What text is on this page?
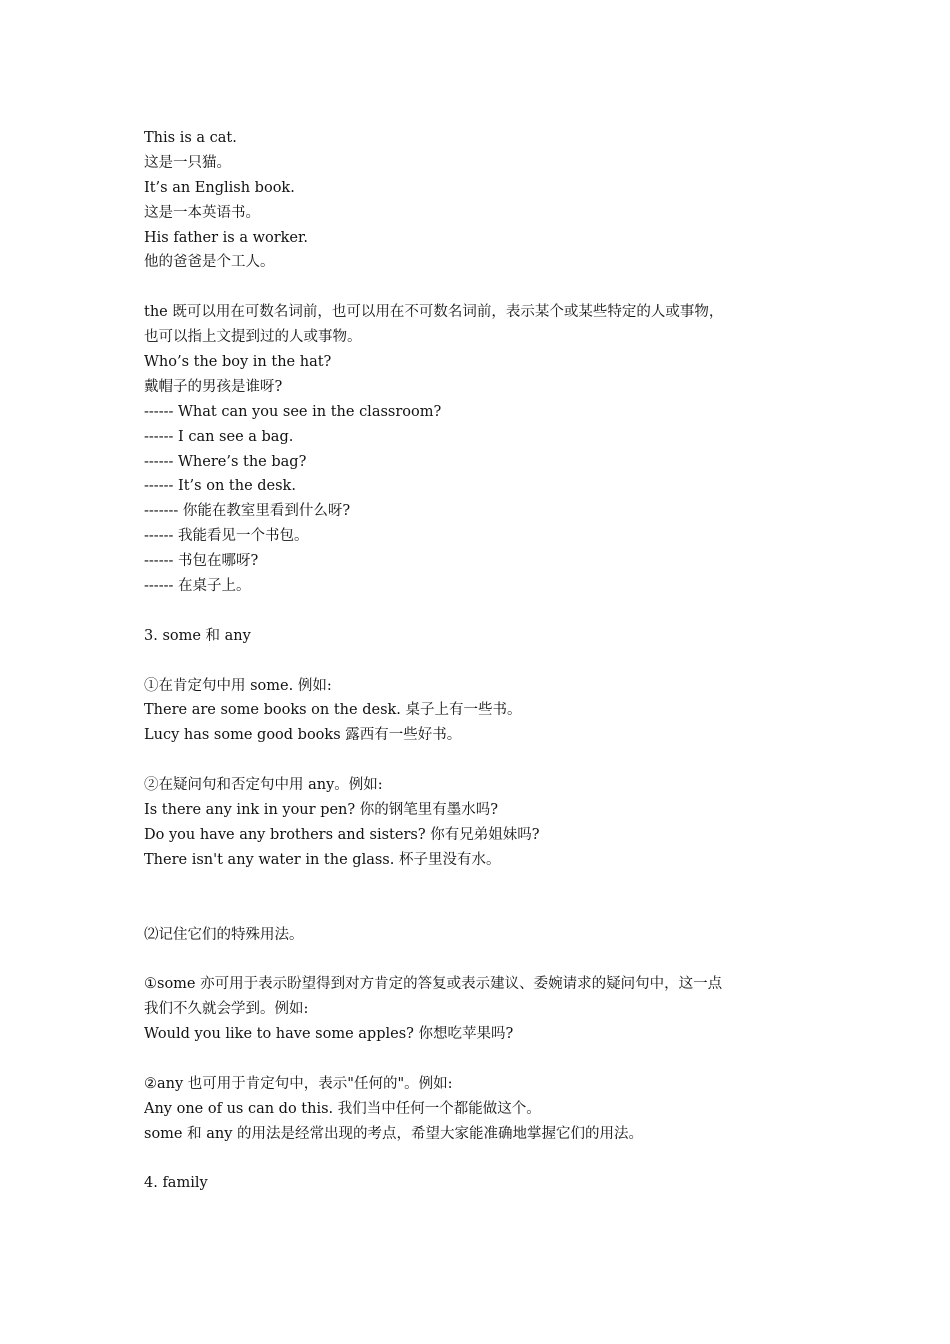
This is a cat.

这是一只猫。

It’s an English book.

这是一本英语书。

His father is a worker.

他的爸爸是个工人。

the 既可以用在可数名词前，也可以用在不可数名词前，表示某个或某些特定的人或事物，

也可以指上文提到过的人或事物。

Who’s the boy in the hat?

戴帽子的男孩是谁呀?

------ What can you see in the classroom?

------ I can see a bag.

------ Where’s the bag?

------ It’s on the desk.

------- 你能在教室里看到什么呀?

------ 我能看见一个书包。

------ 书包在哪呀?

------ 在桌子上。

3. some 和 any

①在肯定句中用 some. 例如:

There are some books on the desk. 桌子上有一些书。

Lucy has some good books 露西有一些好书。

②在疑问句和否定句中用 any。例如:

Is there any ink in your pen? 你的钢笔里有墨水吗?

Do you have any brothers and sisters? 你有兄弟姐妹吗?

There isn't any water in the glass. 杯子里没有水。

⑵记住它们的特殊用法。

①some 亦可用于表示盼望得到对方肯定的答复或表示建议、委婉请求的疑问句中，这一点

我们不久就会学到。例如:

Would you like to have some apples? 你想吃苹果吗?

②any 也可用于肯定句中，表示"任何的"。例如:

Any one of us can do this. 我们当中任何一个都能做这个。

some 和 any 的用法是经常出现的考点，希望大家能准确地掌握它们的用法。

4. family
